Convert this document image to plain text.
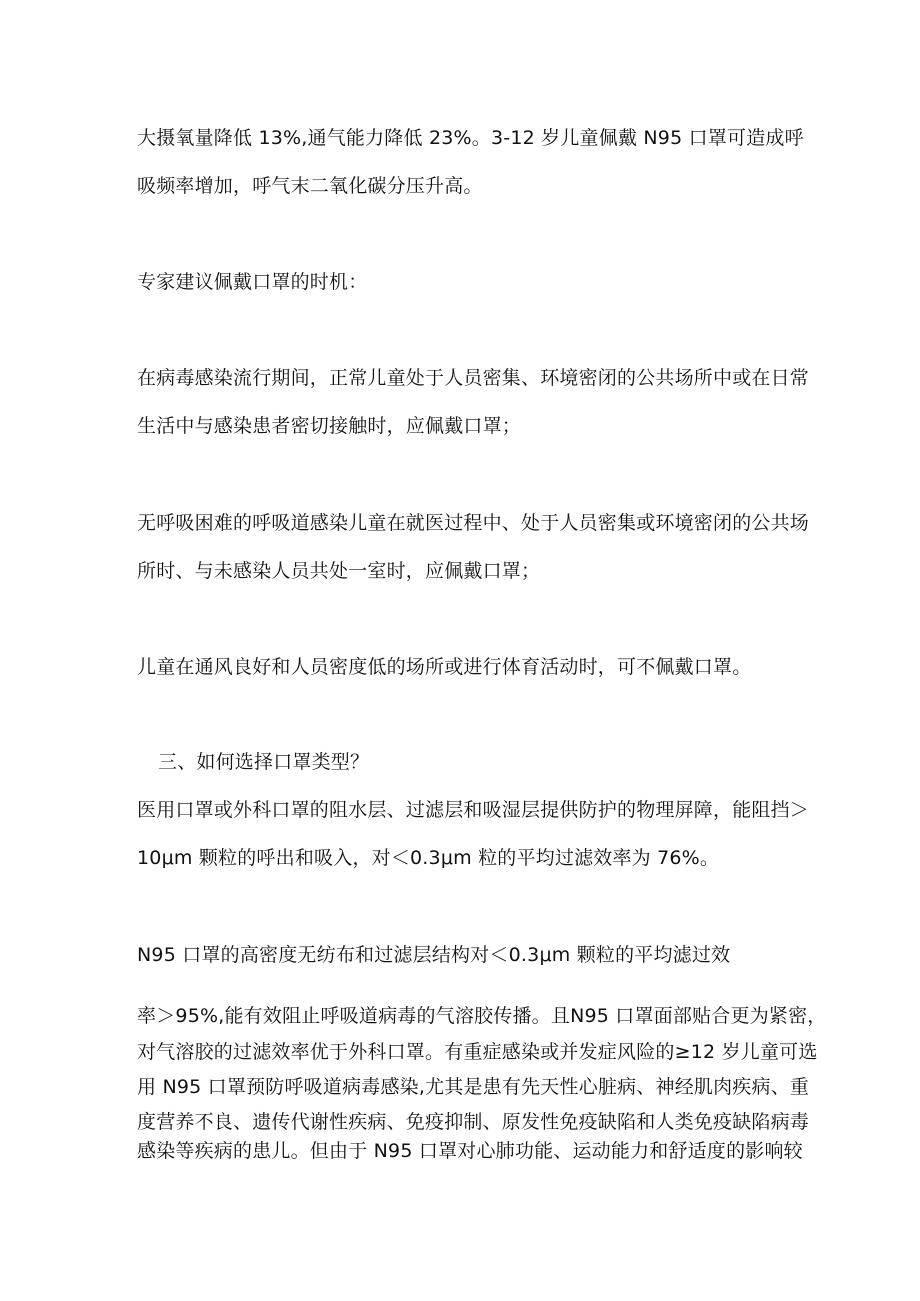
大摄氧量降低 13%,通气能力降低 23%。3-12 岁儿童佩戴 N95 口罩可造成呼
吸频率增加，呼气末二氧化碳分压升高。
专家建议佩戴口罩的时机：
在病毒感染流行期间，正常儿童处于人员密集、环境密闭的公共场所中或在日常
生活中与感染患者密切接触时，应佩戴口罩；
无呼吸困难的呼吸道感染儿童在就医过程中、处于人员密集或环境密闭的公共场
所时、与未感染人员共处一室时，应佩戴口罩；
儿童在通风良好和人员密度低的场所或进行体育活动时，可不佩戴口罩。
三、如何选择口罩类型？
医用口罩或外科口罩的阻水层、过滤层和吸湿层提供防护的物理屏障，能阻挡＞
10μm 颗粒的呼出和吸入，对＜0.3μm 粒的平均过滤效率为 76%。
N95 口罩的高密度无纺布和过滤层结构对＜0.3μm 颗粒的平均滤过效
率＞95%,能有效阻止呼吸道病毒的气溶胶传播。且N95 口罩面部贴合更为紧密，
对气溶胶的过滤效率优于外科口罩。有重症感染或并发症风险的≥12 岁儿童可选
用 N95 口罩预防呼吸道病毒感染,尤其是患有先天性心脏病、神经肌肉疾病、重
度营养不良、遗传代谢性疾病、免疫抑制、原发性免疫缺陷和人类免疫缺陷病毒
感染等疾病的患儿。但由于 N95 口罩对心肺功能、运动能力和舒适度的影响较
